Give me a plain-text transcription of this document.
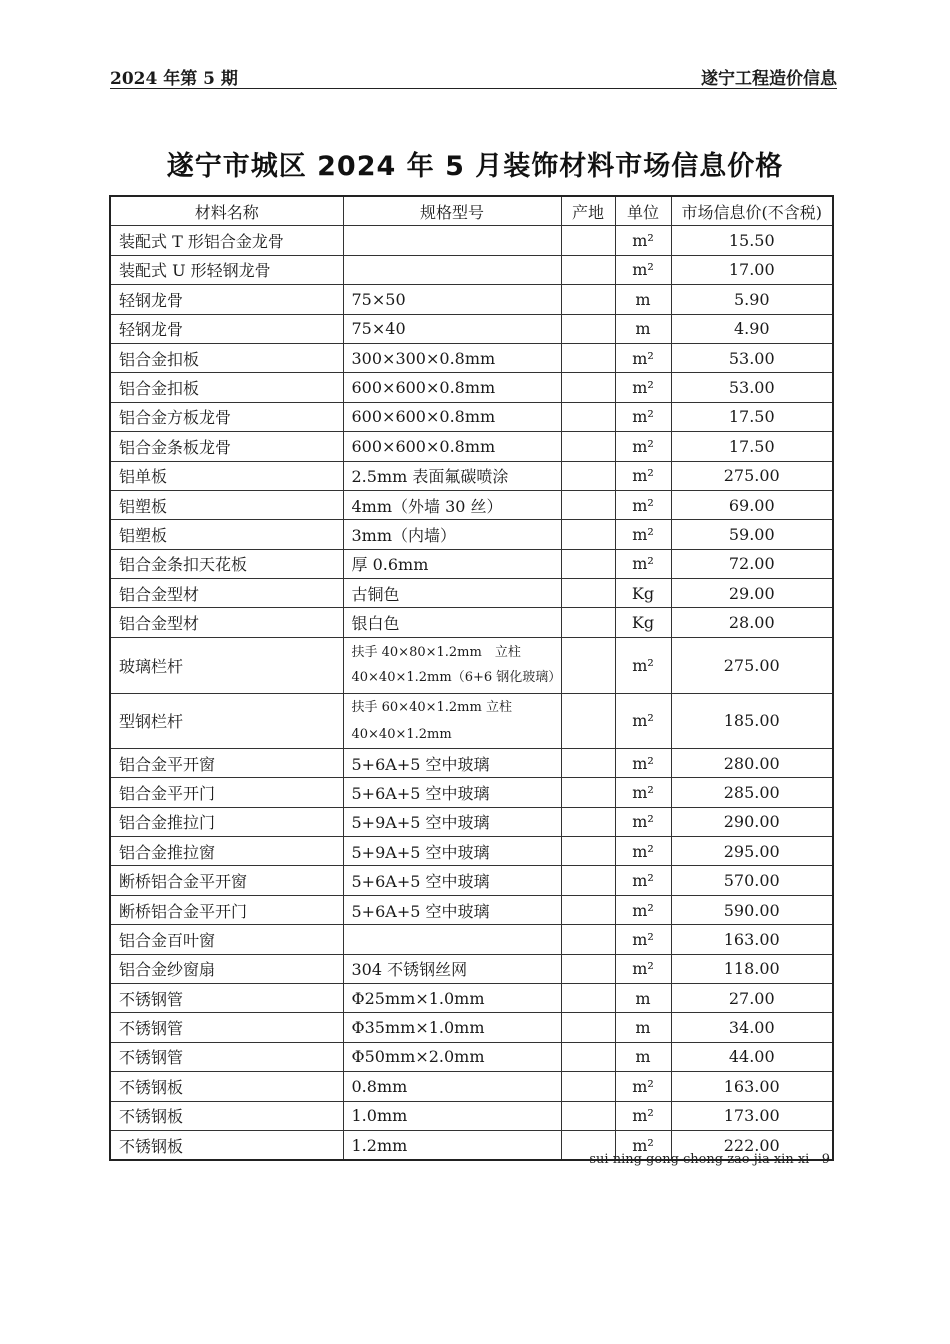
2024 年第 5 期	遂宁工程造价信息
遂宁市城区 2024 年 5 月装饰材料市场信息价格
材料名称	规格型号	产地	单位	市场信息价(不含税)
装配式 T 形铝合金龙骨			m²	15.50
装配式 U 形轻钢龙骨			m²	17.00
轻钢龙骨	75×50		m	5.90
轻钢龙骨	75×40		m	4.90
铝合金扣板	300×300×0.8mm		m²	53.00
铝合金扣板	600×600×0.8mm		m²	53.00
铝合金方板龙骨	600×600×0.8mm		m²	17.50
铝合金条板龙骨	600×600×0.8mm		m²	17.50
铝单板	2.5mm 表面氟碳喷涂		m²	275.00
铝塑板	4mm（外墙 30 丝）		m²	69.00
铝塑板	3mm（内墙）		m²	59.00
铝合金条扣天花板	厚 0.6mm		m²	72.00
铝合金型材	古铜色		Kg	29.00
铝合金型材	银白色		Kg	28.00
玻璃栏杆	扶手 40×80×1.2mm　立柱 40×40×1.2mm（6+6 钢化玻璃）		m²	275.00
型钢栏杆	扶手 60×40×1.2mm 立柱 40×40×1.2mm		m²	185.00
铝合金平开窗	5+6A+5 空中玻璃		m²	280.00
铝合金平开门	5+6A+5 空中玻璃		m²	285.00
铝合金推拉门	5+9A+5 空中玻璃		m²	290.00
铝合金推拉窗	5+9A+5 空中玻璃		m²	295.00
断桥铝合金平开窗	5+6A+5 空中玻璃		m²	570.00
断桥铝合金平开门	5+6A+5 空中玻璃		m²	590.00
铝合金百叶窗			m²	163.00
铝合金纱窗扇	304 不锈钢丝网		m²	118.00
不锈钢管	Φ25mm×1.0mm		m	27.00
不锈钢管	Φ35mm×1.0mm		m	34.00
不锈钢管	Φ50mm×2.0mm		m	44.00
不锈钢板	0.8mm		m²	163.00
不锈钢板	1.0mm		m²	173.00
不锈钢板	1.2mm		m²	222.00
sui ning gong cheng zao jia xin xi 9
